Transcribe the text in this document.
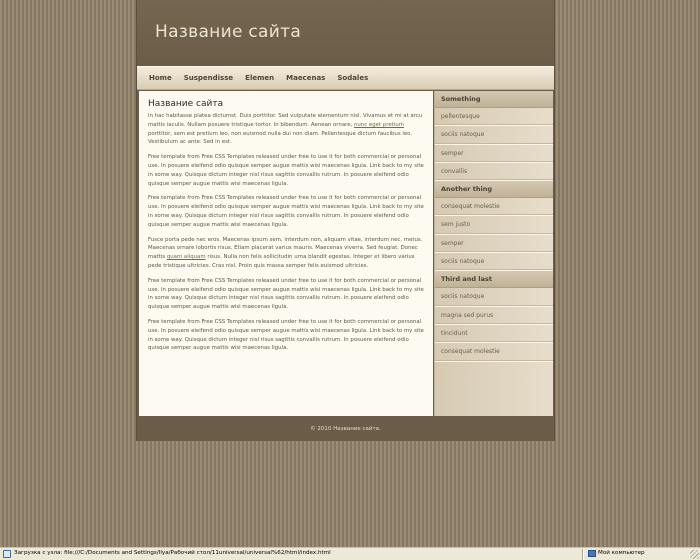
Название сайта
Home	Suspendisse	Elemen	Maecenas	Sodales
Название сайта

In hac habitasse platea dictumst. Duis porttitor. Sed vulputate elementum nisl. Vivamus et mi at arcu mattis iaculis. Nullam posuere tristique tortor. In bibendum. Aenean ornare, nunc eget pretium porttitor, sem est pretium leo, non euismod nulla dui non diam. Pellentesque dictum faucibus leo. Vestibulum ac ante. Sed in est.

Free template from Free CSS Templates released under free to use it for both commercial or personal use. In posuere eleifend odio quisque semper augue mattis wisi maecenas ligula. Link back to my site in some way. Quisque dictum integer nisl risus sagittis convallis rutrum. In posuere eleifend odio quisque semper augue mattis wisi maecenas ligula.

Free template from Free CSS Templates released under free to use it for both commercial or personal use. In posuere eleifend odio quisque semper augue mattis wisi maecenas ligula. Link back to my site in some way. Quisque dictum integer nisl risus sagittis convallis rutrum. In posuere eleifend odio quisque semper augue mattis wisi maecenas ligula.

Fusce porta pede nec eros. Maecenas ipsum sem, interdum non, aliquam vitae, interdum nec, metus. Maecenas ornare lobortis risus. Etiam placerat varius mauris. Maecenas viverra. Sed feugiat. Donec mattis quam aliquam risus. Nulla non felis sollicitudin urna blandit egestas. Integer et libero varius pede tristique ultricies. Cras nisl. Proin quis massa semper felis euismod ultricies.

Free template from Free CSS Templates released under free to use it for both commercial or personal use. In posuere eleifend odio quisque semper augue mattis wisi maecenas ligula. Link back to my site in some way. Quisque dictum integer nisl risus sagittis convallis rutrum. In posuere eleifend odio quisque semper augue mattis wisi maecenas ligula.

Free template from Free CSS Templates released under free to use it for both commercial or personal use. In posuere eleifend odio quisque semper augue mattis wisi maecenas ligula. Link back to my site in some way. Quisque dictum integer nisl risus sagittis convallis rutrum. In posuere eleifend odio quisque semper augue mattis wisi maecenas ligula.

Something
pellentesque
sociis natoque
semper
convallis
Another thing
consequat molestie
sem justo
semper
sociis natoque
Third and last
sociis natoque
magna sed purus
tincidunt
consequat molestie
© 2010 Название сайта.
Загрузка с узла: file:///C:/Documents and Settings/Ilya/Рабочий стол/11universal/universal%62/html/index.html	Мой компьютер
